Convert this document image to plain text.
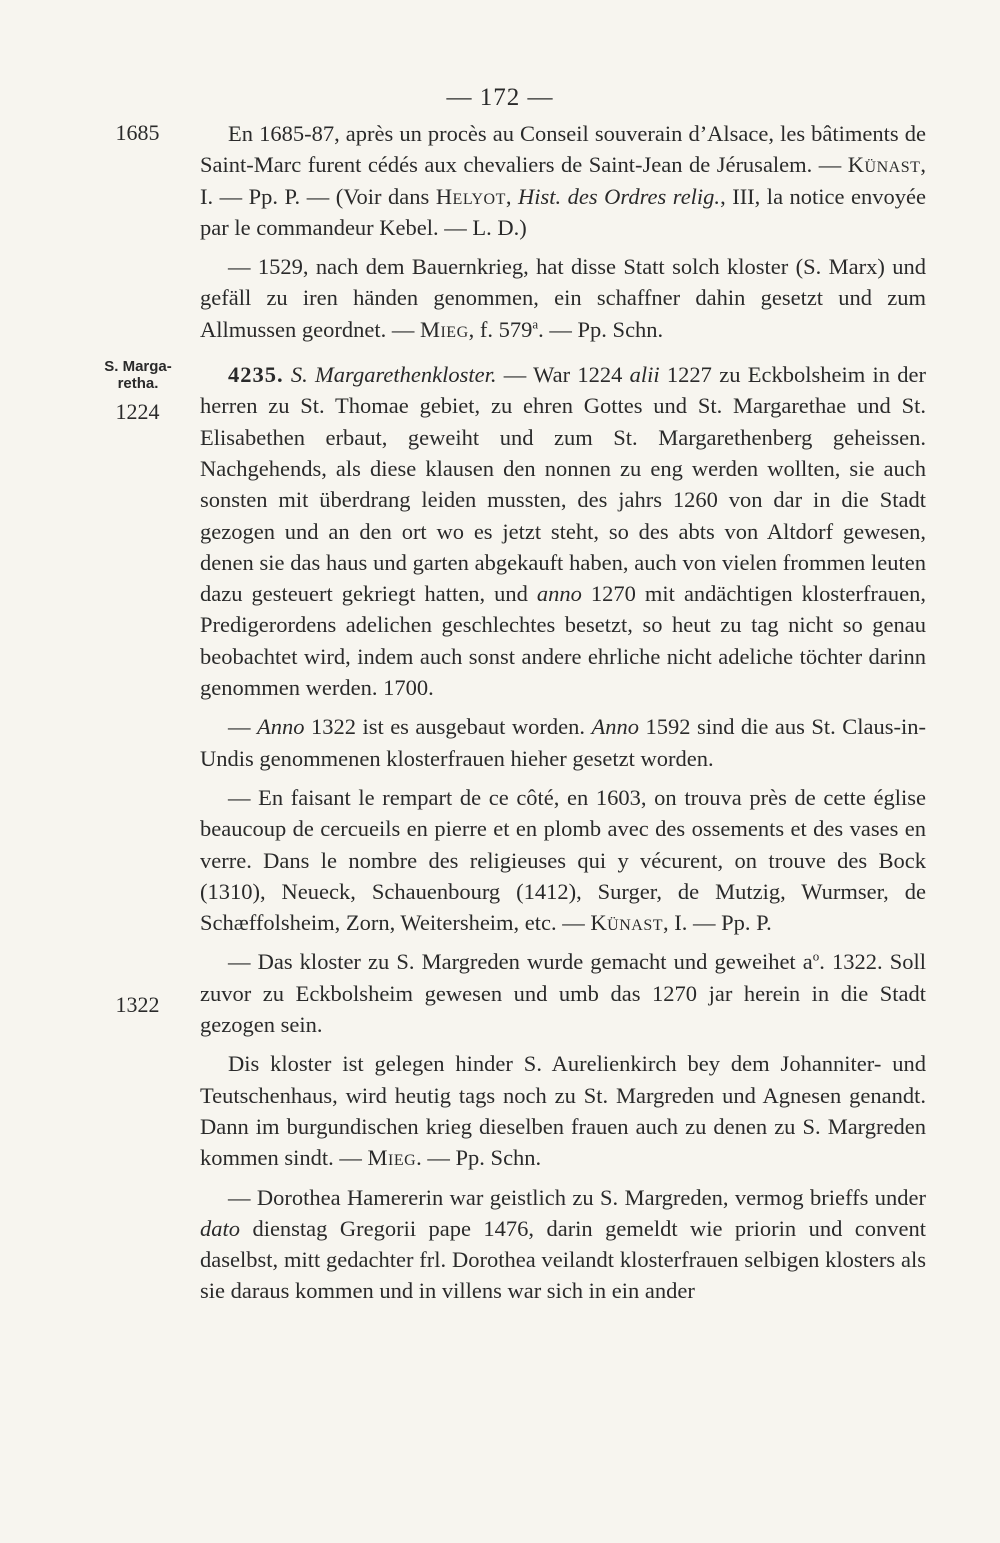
— 172 —
1685
S. Marga-
retha.
1224
1322

En 1685-87, après un procès au Conseil souverain d’Alsace, les bâtiments de Saint-Marc furent cédés aux chevaliers de Saint-Jean de Jérusalem. — Künast, I. — Pp. P. — (Voir dans Helyot, Hist. des Ordres relig., III, la notice envoyée par le commandeur Kebel. — L. D.)

— 1529, nach dem Bauernkrieg, hat disse Statt solch kloster (S. Marx) und gefäll zu iren händen genommen, ein schaffner dahin gesetzt und zum Allmussen geordnet. — Mieg, f. 579$^a$. — Pp. Schn.

4235. S. Margarethenkloster. — War 1224 alii 1227 zu Eckbolsheim in der herren zu St. Thomae gebiet, zu ehren Gottes und St. Margarethae und St. Elisabethen erbaut, geweiht und zum St. Margarethenberg geheissen. Nachgehends, als diese klausen den nonnen zu eng werden wollten, sie auch sonsten mit überdrang leiden mussten, des jahrs 1260 von dar in die Stadt gezogen und an den ort wo es jetzt steht, so des abts von Altdorf gewesen, denen sie das haus und garten abgekauft haben, auch von vielen frommen leuten dazu gesteuert gekriegt hatten, und anno 1270 mit andächtigen klosterfrauen, Predigerordens adelichen geschlechtes besetzt, so heut zu tag nicht so genau beobachtet wird, indem auch sonst andere ehrliche nicht adeliche töchter darinn genommen werden. 1700.

— Anno 1322 ist es ausgebaut worden. Anno 1592 sind die aus St. Claus-in-Undis genommenen klosterfrauen hieher gesetzt worden.

— En faisant le rempart de ce côté, en 1603, on trouva près de cette église beaucoup de cercueils en pierre et en plomb avec des ossements et des vases en verre. Dans le nombre des religieuses qui y vécurent, on trouve des Bock (1310), Neueck, Schauenbourg (1412), Surger, de Mutzig, Wurmser, de Schæffolsheim, Zorn, Weitersheim, etc. — Künast, I. — Pp. P.

— Das kloster zu S. Margreden wurde gemacht und geweihet $a^o$. 1322. Soll zuvor zu Eckbolsheim gewesen und umb das 1270 jar herein in die Stadt gezogen sein.

Dis kloster ist gelegen hinder S. Aurelienkirch bey dem Johanniter- und Teutschenhaus, wird heutig tags noch zu St. Margreden und Agnesen genandt. Dann im burgundischen krieg dieselben frauen auch zu denen zu S. Margreden kommen sindt. — Mieg. — Pp. Schn.

— Dorothea Hamererin war geistlich zu S. Margreden, vermog brieffs under dato dienstag Gregorii pape 1476, darin gemeldt wie priorin und convent daselbst, mitt gedachter frl. Dorothea veilandt klosterfrauen selbigen klosters als sie daraus kommen und in villens war sich in ein ander
